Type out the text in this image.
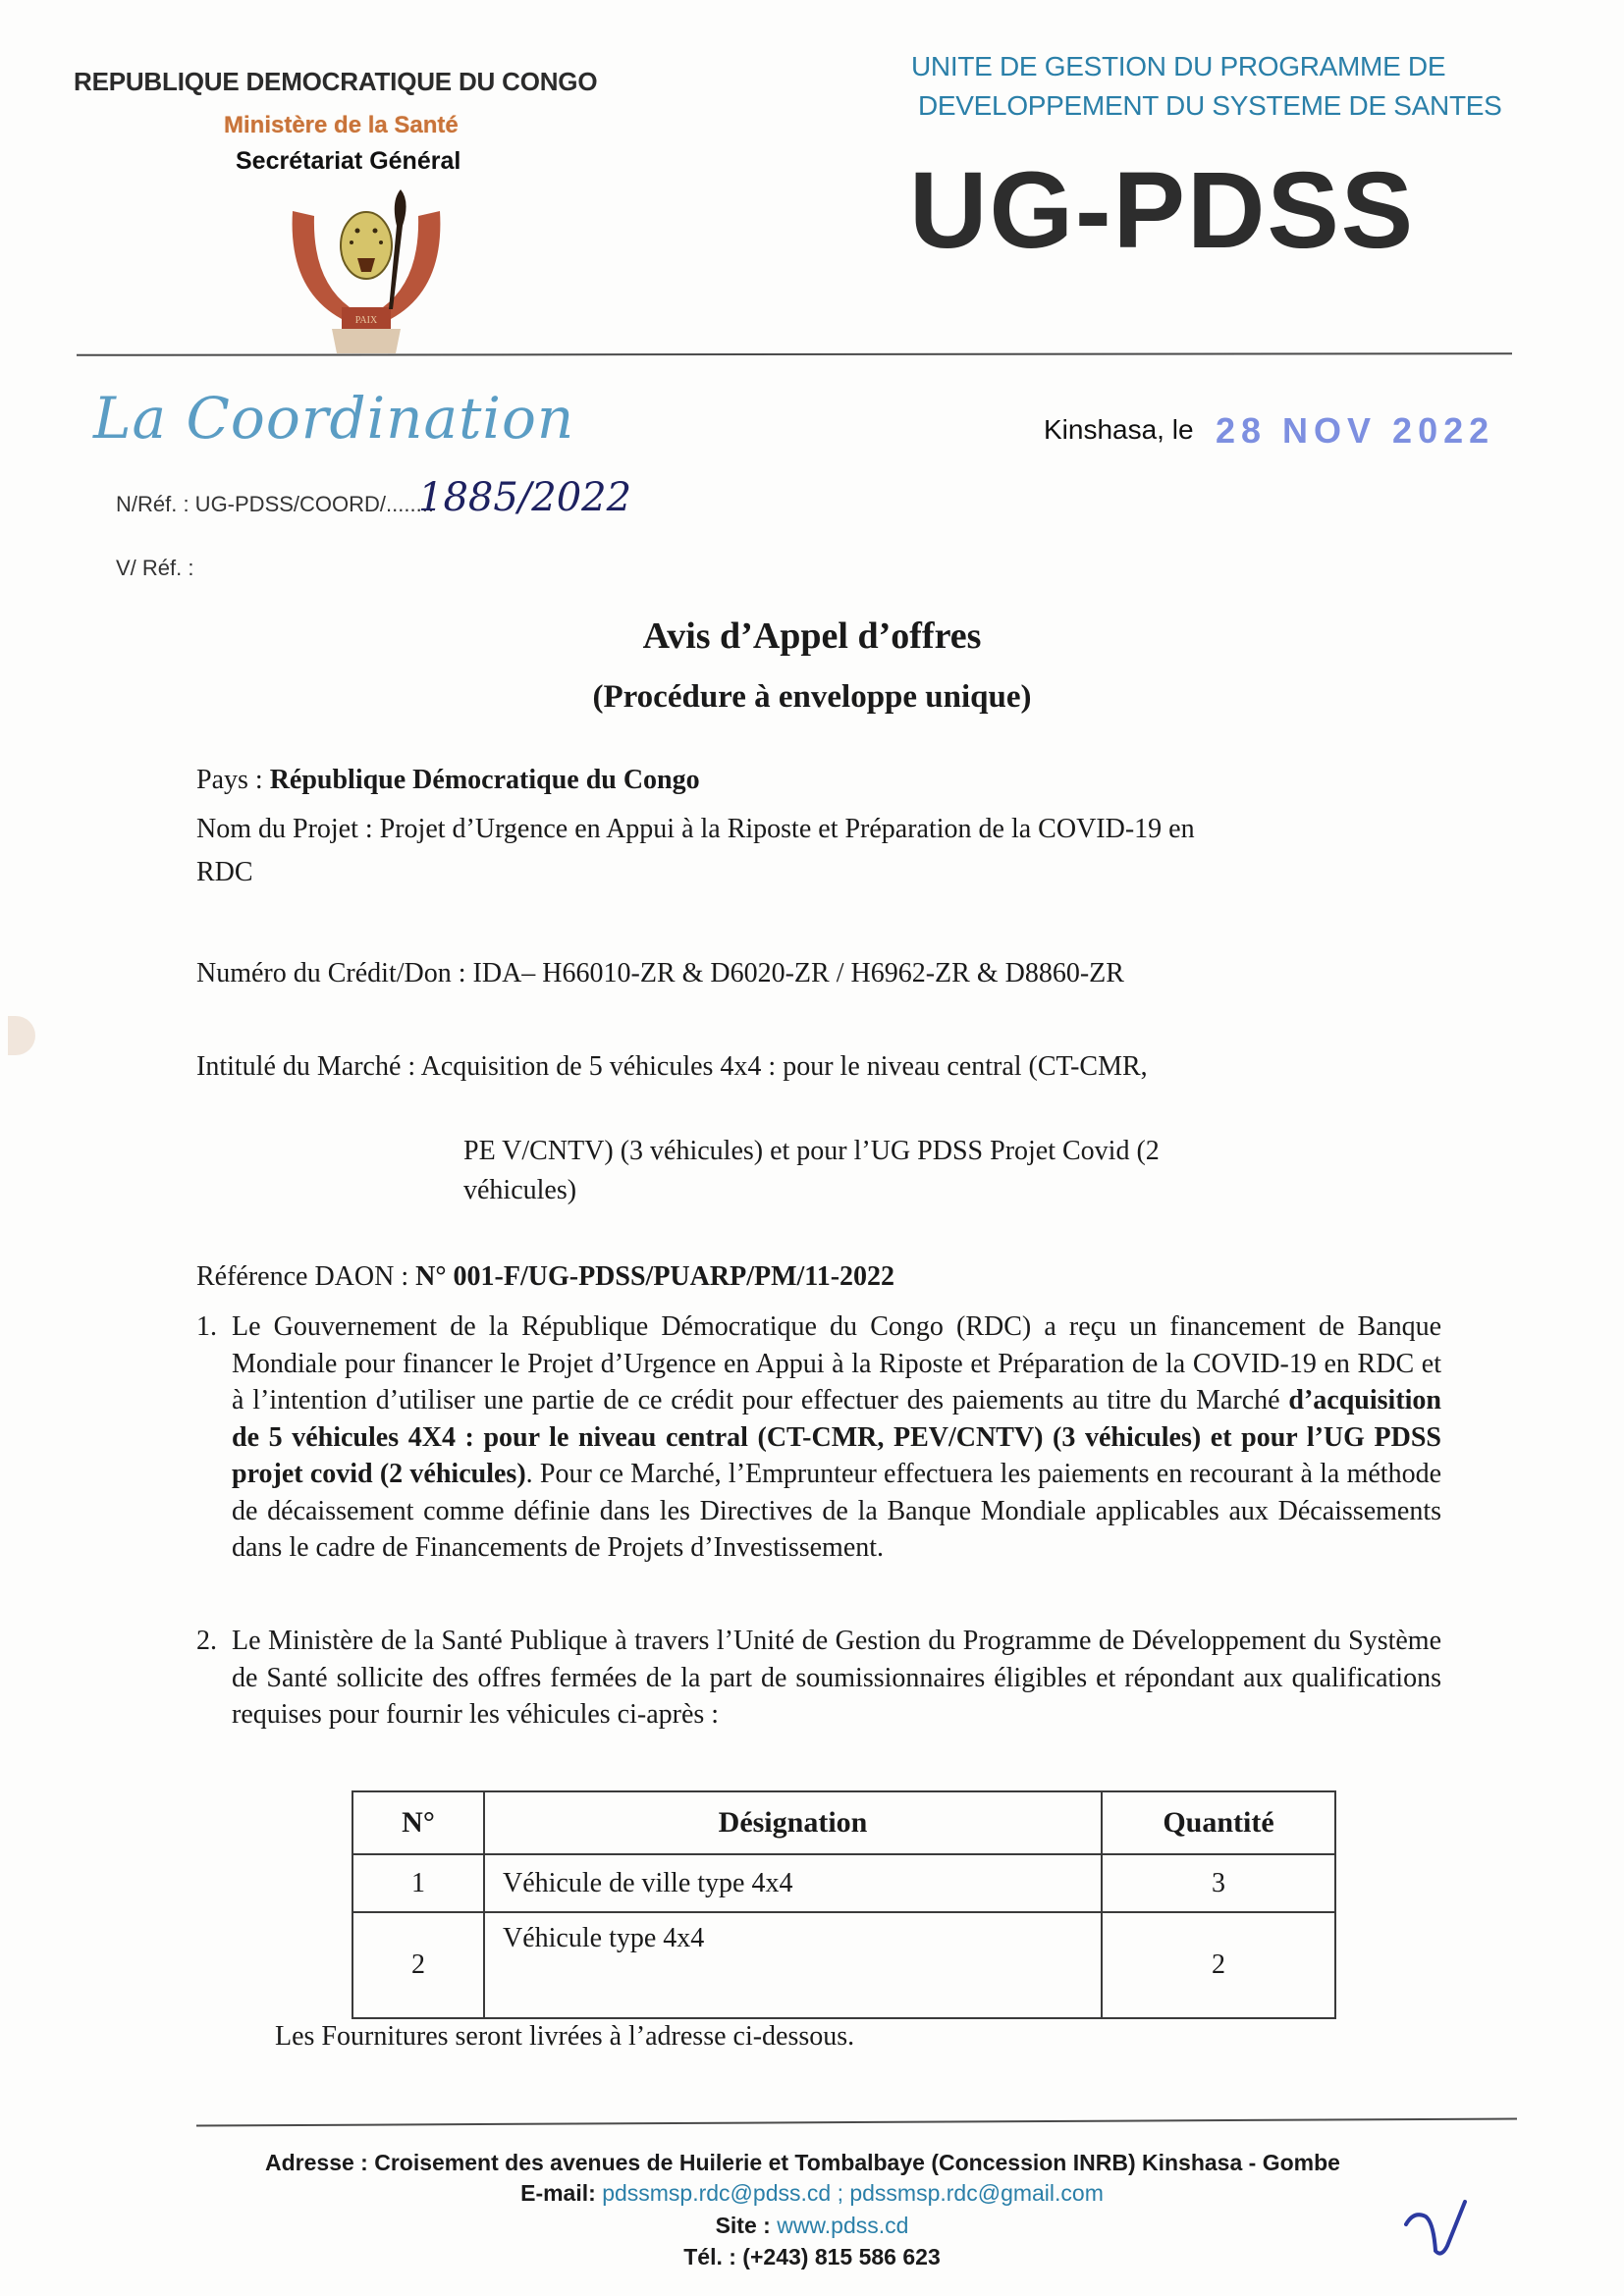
REPUBLIQUE DEMOCRATIQUE DU CONGO
Ministère de la Santé
Secrétariat Général
PAIX
UNITE DE GESTION DU PROGRAMME DE
DEVELOPPEMENT DU SYSTEME DE SANTES
UG-PDSS
La Coordination	Kinshasa, le 28 NOV 2022
N/Réf. : UG-PDSS/COORD/........
1885/2022
V/ Réf. :
Avis d’Appel d’offres
(Procédure à enveloppe unique)
Pays : République Démocratique du Congo
Nom du Projet : Projet d’Urgence en Appui à la Riposte et Préparation de la COVID-19 en
RDC
Numéro du Crédit/Don : IDA– H66010-ZR & D6020-ZR / H6962-ZR & D8860-ZR
Intitulé du Marché : Acquisition de 5 véhicules 4x4 : pour le niveau central (CT-CMR,
PE V/CNTV) (3 véhicules) et pour l’UG PDSS Projet Covid (2
véhicules)
Référence DAON : N° 001-F/UG-PDSS/PUARP/PM/11-2022
1. Le Gouvernement de la République Démocratique du Congo (RDC) a reçu un financement de Banque Mondiale pour financer le Projet d’Urgence en Appui à la Riposte et Préparation de la COVID-19 en RDC et à l’intention d’utiliser une partie de ce crédit pour effectuer des paiements au titre du Marché d’acquisition de 5 véhicules 4X4 : pour le niveau central (CT-CMR, PEV/CNTV) (3 véhicules) et pour l’UG PDSS projet covid (2 véhicules). Pour ce Marché, l’Emprunteur effectuera les paiements en recourant à la méthode de décaissement comme définie dans les Directives de la Banque Mondiale applicables aux Décaissements dans le cadre de Financements de Projets d’Investissement.
2. Le Ministère de la Santé Publique à travers l’Unité de Gestion du Programme de Développement du Système de Santé sollicite des offres fermées de la part de soumissionnaires éligibles et répondant aux qualifications requises pour fournir les véhicules ci-après :
N°	Désignation	Quantité
1	Véhicule de ville type 4x4	3
2	Véhicule type 4x4	2
Les Fournitures seront livrées à l’adresse ci-dessous.
Adresse : Croisement des avenues de Huilerie et Tombalbaye (Concession INRB) Kinshasa - Gombe
E-mail: pdssmsp.rdc@pdss.cd ; pdssmsp.rdc@gmail.com
Site : www.pdss.cd
Tél. : (+243) 815 586 623
